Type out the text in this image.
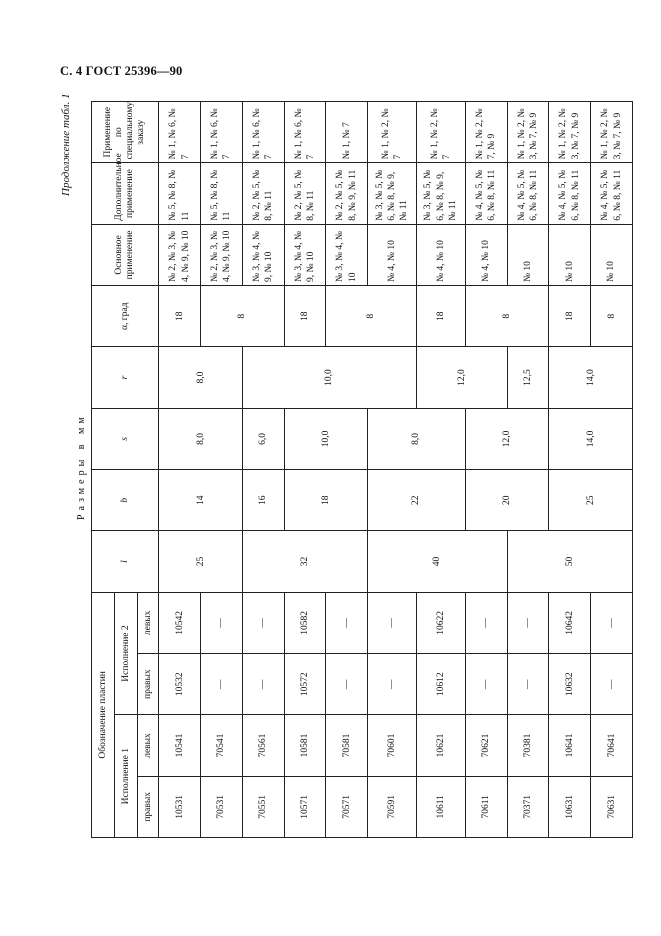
С. 4 ГОСТ 25396—90
Продолжение табл. 1
Размеры в мм
Обозначение пластин				l	b	s	r	α, град	Основное применение	Дополнительное применение	Применение по специальному заказу
Исполнение 1		Исполнение 2									
правых	левых	правых	левых								
10531	10541	10532	10542	25	14	8,0	8,0	18	№ 2, № 3, № 4, № 9, № 10	№ 5, № 8, № 11	№ 1, № 6, № 7
70531	70541	—	—					8	№ 2, № 3, № 4, № 9, № 10	№ 5, № 8, № 11	№ 1, № 6, № 7
70551	70561	—	—	32	16	6,0	10,0		№ 3, № 4, № 9, № 10	№ 2, № 5, № 8, № 11	№ 1, № 6, № 7
10571	10581	10572	10582		18	10,0		18	№ 3, № 4, № 9, № 10	№ 2, № 5, № 8, № 11	№ 1, № 6, № 7
70571	70581	—	—					8	№ 3, № 4, № 10	№ 2, № 5, № 8, № 9, № 11	№ 1, № 7
70591	70601	—	—	40	22	8,0			№ 4, № 10	№ 3, № 5, № 6, № 8, № 9, № 11	№ 1, № 2, № 7
10611	10621	10612	10622				12,0	18	№ 4, № 10	№ 3, № 5, № 6, № 8, № 9, № 11	№ 1, № 2, № 7
70611	70621	—	—		20	12,0		8	№ 4, № 10	№ 4, № 5, № 6, № 8, № 11	№ 1, № 2, № 7, № 9
70371	70381	—	—	50			12,5		№ 10	№ 4, № 5, № 6, № 8, № 11	№ 1, № 2, № 3, № 7, № 9
10631	10641	10632	10642		25	14,0	14,0	18	№ 10	№ 4, № 5, № 6, № 8, № 11	№ 1, № 2, № 3, № 7, № 9
70631	70641	—	—					8	№ 10	№ 4, № 5, № 6, № 8, № 11	№ 1, № 2, № 3, № 7, № 9
